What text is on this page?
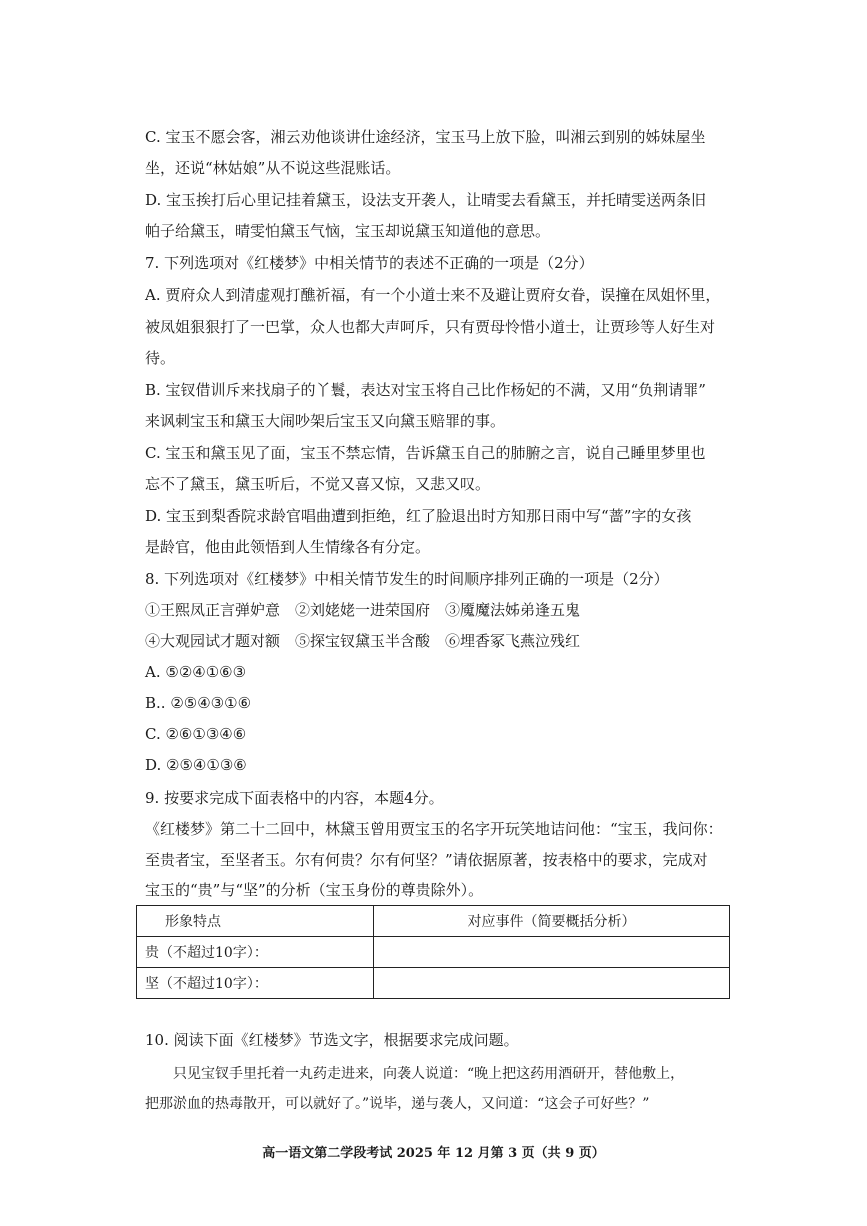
C. 宝玉不愿会客，湘云劝他谈讲仕途经济，宝玉马上放下脸，叫湘云到别的姊妹屋坐
坐，还说“林姑娘”从不说这些混账话。
D. 宝玉挨打后心里记挂着黛玉，设法支开袭人，让晴雯去看黛玉，并托晴雯送两条旧
帕子给黛玉，晴雯怕黛玉气恼，宝玉却说黛玉知道他的意思。
7. 下列选项对《红楼梦》中相关情节的表述不正确的一项是（2分）
A. 贾府众人到清虚观打醮祈福，有一个小道士来不及避让贾府女眷，误撞在凤姐怀里，
被凤姐狠狠打了一巴掌，众人也都大声呵斥，只有贾母怜惜小道士，让贾珍等人好生对
待。
B. 宝钗借训斥来找扇子的丫鬟，表达对宝玉将自己比作杨妃的不满，又用“负荆请罪”
来讽刺宝玉和黛玉大闹吵架后宝玉又向黛玉赔罪的事。
C. 宝玉和黛玉见了面，宝玉不禁忘情，告诉黛玉自己的肺腑之言，说自己睡里梦里也
忘不了黛玉，黛玉听后，不觉又喜又惊，又悲又叹。
D. 宝玉到梨香院求龄官唱曲遭到拒绝，红了脸退出时方知那日雨中写“蔷”字的女孩
是龄官，他由此领悟到人生情缘各有分定。
8. 下列选项对《红楼梦》中相关情节发生的时间顺序排列正确的一项是（2分）
①王熙凤正言弹妒意　②刘姥姥一进荣国府　③魇魔法姊弟逢五鬼
④大观园试才题对额　⑤探宝钗黛玉半含酸　⑥埋香冢飞燕泣残红
A. ⑤②④①⑥③
B.. ②⑤④③①⑥
C. ②⑥①③④⑥
D. ②⑤④①③⑥
9. 按要求完成下面表格中的内容，本题4分。
《红楼梦》第二十二回中，林黛玉曾用贾宝玉的名字开玩笑地诘问他：“宝玉，我问你：
至贵者宝，至坚者玉。尔有何贵？尔有何坚？”请依据原著，按表格中的要求，完成对
宝玉的“贵”与“坚”的分析（宝玉身份的尊贵除外）。
形象特点	对应事件（简要概括分析）
贵（不超过10字）：	
坚（不超过10字）：	
10. 阅读下面《红楼梦》节选文字，根据要求完成问题。
只见宝钗手里托着一丸药走进来，向袭人说道：“晚上把这药用酒研开，替他敷上，
把那淤血的热毒散开，可以就好了。”说毕，递与袭人，又问道：“这会子可好些？”
高一语文第二学段考试 2025 年 12 月第 3 页（共 9 页）
